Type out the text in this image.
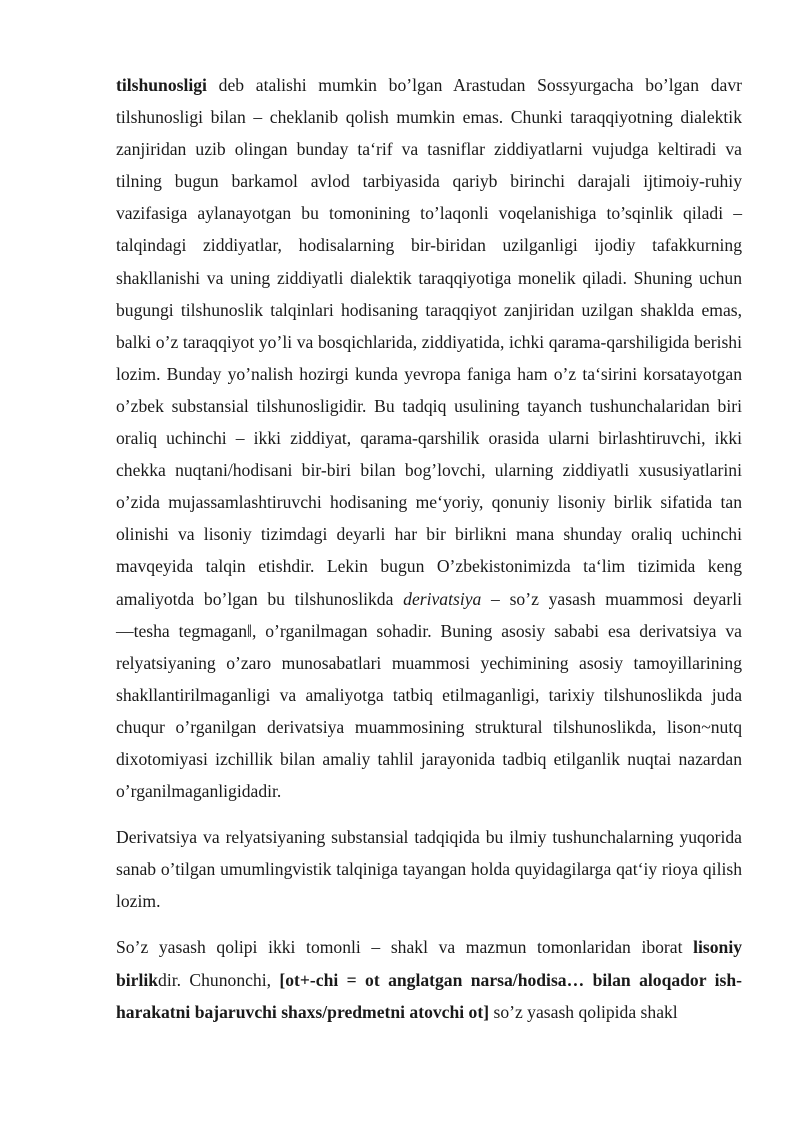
tilshunosligi deb atalishi mumkin bo’lgan Arastudan Sossyurgacha bo’lgan davr tilshunosligi bilan – cheklanib qolish mumkin emas. Chunki taraqqiyotning dialektik zanjiridan uzib olingan bunday ta‘rif va tasniflar ziddiyatlarni vujudga keltiradi va tilning bugun barkamol avlod tarbiyasida qariyb birinchi darajali ijtimoiy-ruhiy vazifasiga aylanayotgan bu tomonining to’laqonli voqelanishiga to’sqinlik qiladi – talqindagi ziddiyatlar, hodisalarning bir-biridan uzilganligi ijodiy tafakkurning shakllanishi va uning ziddiyatli dialektik taraqqiyotiga monelik qiladi. Shuning uchun bugungi tilshunoslik talqinlari hodisaning taraqqiyot zanjiridan uzilgan shaklda emas, balki o’z taraqqiyot yo’li va bosqichlarida, ziddiyatida, ichki qarama-qarshiligida berishi lozim. Bunday yo’nalish hozirgi kunda yevropa faniga ham o’z ta‘sirini korsatayotgan o’zbek substansial tilshunosligidir. Bu tadqiq usulining tayanch tushunchalaridan biri oraliq uchinchi – ikki ziddiyat, qarama-qarshilik orasida ularni birlashtiruvchi, ikki chekka nuqtani/hodisani bir-biri bilan bog’lovchi, ularning ziddiyatli xususiyatlarini o’zida mujassamlashtiruvchi hodisaning me‘yoriy, qonuniy lisoniy birlik sifatida tan olinishi va lisoniy tizimdagi deyarli har bir birlikni mana shunday oraliq uchinchi mavqeyida talqin etishdir. Lekin bugun O’zbekistonimizda ta‘lim tizimida keng amaliyotda bo’lgan bu tilshunoslikda derivatsiya – so’z yasash muammosi deyarli ―tesha tegmagan‖, o’rganilmagan sohadir. Buning asosiy sababi esa derivatsiya va relyatsiyaning o’zaro munosabatlari muammosi yechimining asosiy tamoyillarining shakllantirilmaganligi va amaliyotga tatbiq etilmaganligi, tarixiy tilshunoslikda juda chuqur o’rganilgan derivatsiya muammosining struktural tilshunoslikda, lison~nutq dixotomiyasi izchillik bilan amaliy tahlil jarayonida tadbiq etilganlik nuqtai nazardan o’rganilmaganligidadir.

Derivatsiya va relyatsiyaning substansial tadqiqida bu ilmiy tushunchalarning yuqorida sanab o’tilgan umumlingvistik talqiniga tayangan holda quyidagilarga qat‘iy rioya qilish lozim.

So’z yasash qolipi ikki tomonli – shakl va mazmun tomonlaridan iborat lisoniy birlikdir. Chunonchi, [ot+-chi = ot anglatgan narsa/hodisa… bilan aloqador ish-harakatni bajaruvchi shaxs/predmetni atovchi ot] so’z yasash qolipida shakl
